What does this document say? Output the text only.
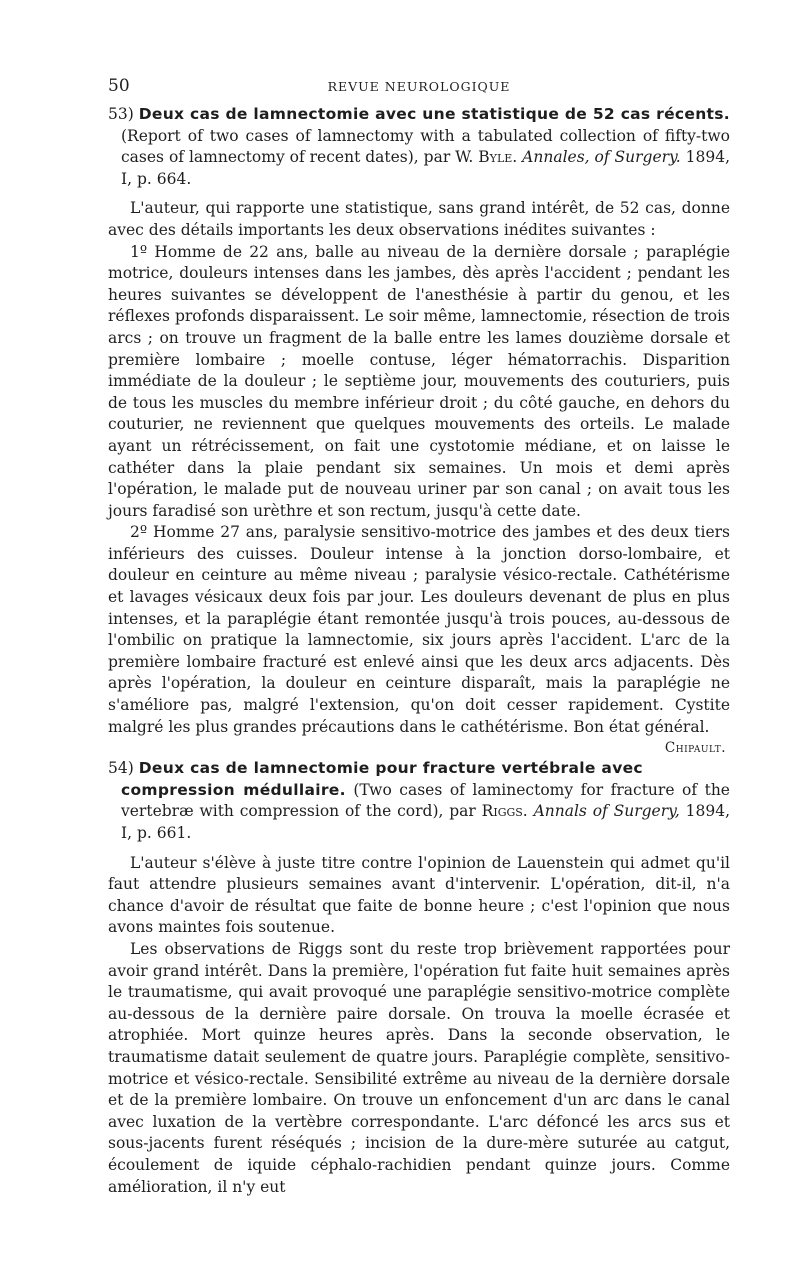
50	REVUE NEUROLOGIQUE

53) Deux cas de lamnectomie avec une statistique de 52 cas récents. (Report of two cases of lamnectomy with a tabulated collection of fifty-two cases of lamnectomy of recent dates), par W. Byle. Annales, of Surgery. 1894, I, p. 664.

L'auteur, qui rapporte une statistique, sans grand intérêt, de 52 cas, donne avec des détails importants les deux observations inédites suivantes :

1º Homme de 22 ans, balle au niveau de la dernière dorsale ; paraplégie motrice, douleurs intenses dans les jambes, dès après l'accident ; pendant les heures suivantes se développent de l'anesthésie à partir du genou, et les réflexes profonds disparaissent. Le soir même, lamnectomie, résection de trois arcs ; on trouve un fragment de la balle entre les lames douzième dorsale et première lombaire ; moelle contuse, léger hématorrachis. Disparition immédiate de la douleur ; le septième jour, mouvements des couturiers, puis de tous les muscles du membre inférieur droit ; du côté gauche, en dehors du couturier, ne reviennent que quelques mouvements des orteils. Le malade ayant un rétrécissement, on fait une cystotomie médiane, et on laisse le cathéter dans la plaie pendant six semaines. Un mois et demi après l'opération, le malade put de nouveau uriner par son canal ; on avait tous les jours faradisé son urèthre et son rectum, jusqu'à cette date.

2º Homme 27 ans, paralysie sensitivo-motrice des jambes et des deux tiers inférieurs des cuisses. Douleur intense à la jonction dorso-lombaire, et douleur en ceinture au même niveau ; paralysie vésico-rectale. Cathétérisme et lavages vésicaux deux fois par jour. Les douleurs devenant de plus en plus intenses, et la paraplégie étant remontée jusqu'à trois pouces, au-dessous de l'ombilic on pratique la lamnectomie, six jours après l'accident. L'arc de la première lombaire fracturé est enlevé ainsi que les deux arcs adjacents. Dès après l'opération, la douleur en ceinture disparaît, mais la paraplégie ne s'améliore pas, malgré l'extension, qu'on doit cesser rapidement. Cystite malgré les plus grandes précautions dans le cathétérisme. Bon état général.
Chipault.

54) Deux cas de lamnectomie pour fracture vertébrale avec compression médullaire. (Two cases of laminectomy for fracture of the vertebræ with compression of the cord), par Riggs. Annals of Surgery, 1894, I, p. 661.

L'auteur s'élève à juste titre contre l'opinion de Lauenstein qui admet qu'il faut attendre plusieurs semaines avant d'intervenir. L'opération, dit-il, n'a chance d'avoir de résultat que faite de bonne heure ; c'est l'opinion que nous avons maintes fois soutenue.

Les observations de Riggs sont du reste trop brièvement rapportées pour avoir grand intérêt. Dans la première, l'opération fut faite huit semaines après le traumatisme, qui avait provoqué une paraplégie sensitivo-motrice complète au-dessous de la dernière paire dorsale. On trouva la moelle écrasée et atrophiée. Mort quinze heures après. Dans la seconde observation, le traumatisme datait seulement de quatre jours. Paraplégie complète, sensitivo-motrice et vésico-rectale. Sensibilité extrême au niveau de la dernière dorsale et de la première lombaire. On trouve un enfoncement d'un arc dans le canal avec luxation de la vertèbre correspondante. L'arc défoncé les arcs sus et sous-jacents furent réséqués ; incision de la dure-mère suturée au catgut, écoulement de iquide céphalo-rachidien pendant quinze jours. Comme amélioration, il n'y eut
